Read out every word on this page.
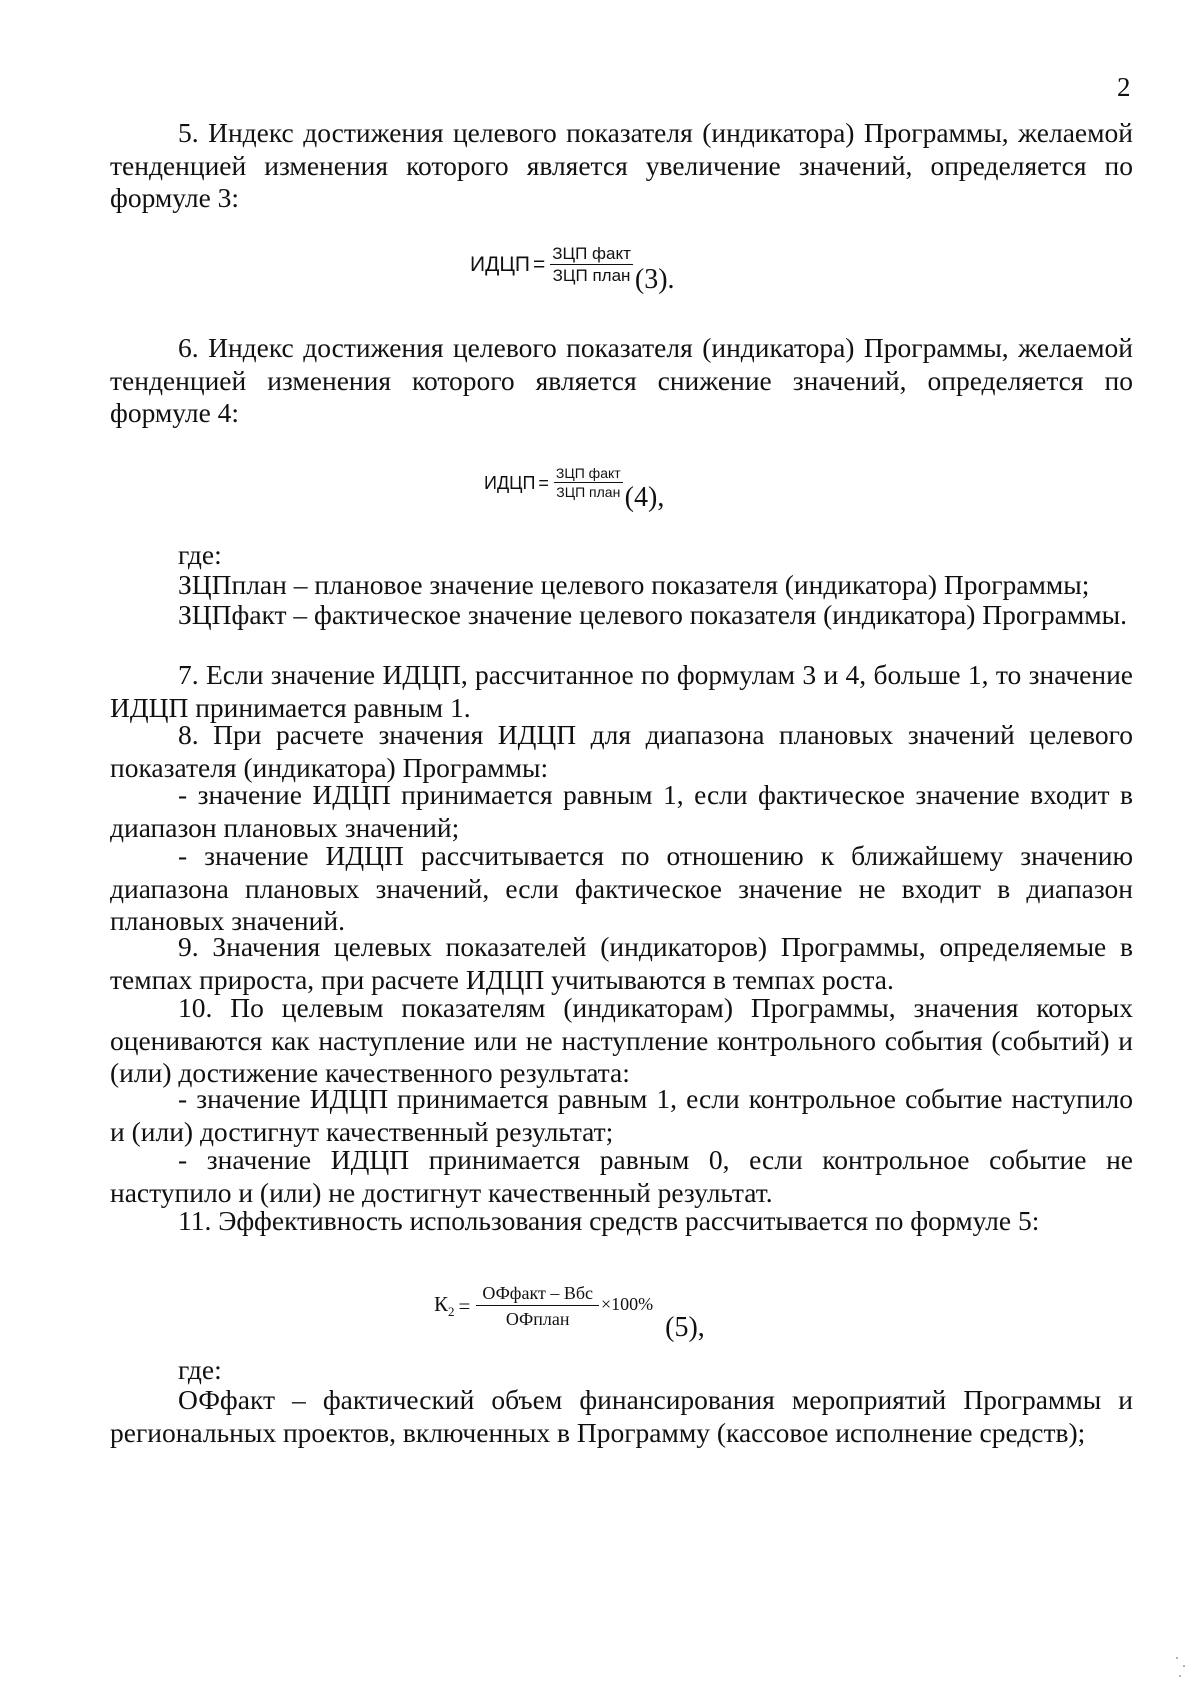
2

5. Индекс достижения целевого показателя (индикатора) Программы, желаемой тенденцией изменения которого является увеличение значений, определяется по формуле 3:

ИДЦП = $\frac{\text{ЗЦП факт}}{\text{ЗЦП план}} (3)$.

6. Индекс достижения целевого показателя (индикатора) Программы, желаемой тенденцией изменения которого является снижение значений, определяется по формуле 4:

ИДЦП = $\frac{\text{ЗЦП факт}}{\text{ЗЦП план}} (4)$,

где:

ЗЦПплан – плановое значение целевого показателя (индикатора) Программы;

ЗЦПфакт – фактическое значение целевого показателя (индикатора) Программы.

7. Если значение ИДЦП, рассчитанное по формулам 3 и 4, больше 1, то значение ИДЦП принимается равным 1.

8. При расчете значения ИДЦП для диапазона плановых значений целевого показателя (индикатора) Программы:

- значение ИДЦП принимается равным 1, если фактическое значение входит в диапазон плановых значений;

- значение ИДЦП рассчитывается по отношению к ближайшему значению диапазона плановых значений, если фактическое значение не входит в диапазон плановых значений.

9. Значения целевых показателей (индикаторов) Программы, определяемые в темпах прироста, при расчете ИДЦП учитываются в темпах роста.

10. По целевым показателям (индикаторам) Программы, значения которых оцениваются как наступление или не наступление контрольного события (событий) и (или) достижение качественного результата:

- значение ИДЦП принимается равным 1, если контрольное событие наступило и (или) достигнут качественный результат;

- значение ИДЦП принимается равным 0, если контрольное событие не наступило и (или) не достигнут качественный результат.

11. Эффективность использования средств рассчитывается по формуле 5:

$К_2 = \frac{\text{ОФфакт – Вбс}}{\text{ОФплан}} \times 100\%$
(5),

где:

ОФфакт – фактический объем финансирования мероприятий Программы и региональных проектов, включенных в Программу (кассовое исполнение средств);
